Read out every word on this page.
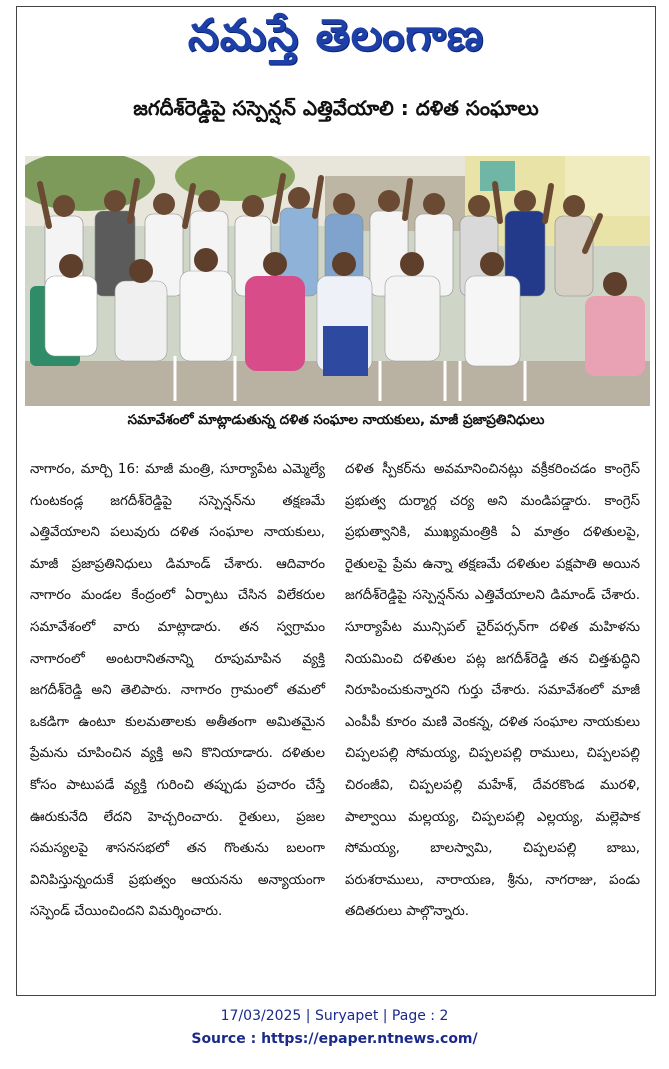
నమస్తే తెలంగాణ
జగదీశ్‌రెడ్డిపై సస్పెన్షన్ ఎత్తివేయాలి : దళిత సంఘాలు
సమావేశంలో మాట్లాడుతున్న దళిత సంఘాల నాయకులు, మాజీ ప్రజాప్రతినిధులు

నాగారం, మార్చి 16: మాజీ మంత్రి, సూర్యాపేట ఎమ్మెల్యే గుంటకండ్ల జగదీశ్‌రెడ్డిపై సస్పెన్షన్‌ను తక్షణమే ఎత్తివేయాలని పలువురు దళిత సంఘాల నాయకులు, మాజీ ప్రజాప్రతినిధులు డిమాండ్ చేశారు. ఆదివారం నాగారం మండల కేంద్రంలో ఏర్పాటు చేసిన విలేకరుల సమావేశంలో వారు మాట్లాడారు. తన స్వగ్రామం నాగారంలో అంటరానితనాన్ని రూపుమాపిన వ్యక్తి జగదీశ్‌రెడ్డి అని తెలిపారు. నాగారం గ్రామంలో తమలో ఒకడిగా ఉంటూ కులమతాలకు అతీతంగా అమితమైన ప్రేమను చూపించిన వ్యక్తి అని కొనియాడారు. దళితుల కోసం పాటుపడే వ్యక్తి గురించి తప్పుడు ప్రచారం చేస్తే ఊరుకునేది లేదని హెచ్చరించారు. రైతులు, ప్రజల సమస్యలపై శాసనసభలో తన గొంతును బలంగా వినిపిస్తున్నందుకే ప్రభుత్వం ఆయనను అన్యాయంగా సస్పెండ్ చేయించిందని విమర్శించారు.

దళిత స్పీకర్‌ను అవమానించినట్లు వక్రీకరించడం కాంగ్రెస్ ప్రభుత్వ దుర్మార్గ చర్య అని మండిపడ్డారు. కాంగ్రెస్ ప్రభుత్వానికి, ముఖ్యమంత్రికి ఏ మాత్రం దళితులపై, రైతులపై ప్రేమ ఉన్నా తక్షణమే దళితుల పక్షపాతి అయిన జగదీశ్‌రెడ్డిపై సస్పెన్షన్‌ను ఎత్తివేయాలని డిమాండ్ చేశారు. సూర్యాపేట మున్సిపల్ చైర్‌పర్సన్‌గా దళిత మహిళను నియమించి దళితుల పట్ల జగదీశ్‌రెడ్డి తన చిత్తశుద్ధిని నిరూపించుకున్నారని గుర్తు చేశారు. సమావేశంలో మాజీ ఎంపీపీ కూరం మణి వెంకన్న, దళిత సంఘాల నాయకులు చిప్పలపల్లి సోమయ్య, చిప్పలపల్లి రాములు, చిప్పలపల్లి చిరంజీవి, చిప్పలపల్లి మహేశ్, దేవరకొండ మురళి, పాల్వాయి మల్లయ్య, చిప్పలపల్లి ఎల్లయ్య, మల్లెపాక సోమయ్య, బాలస్వామి, చిప్పలపల్లి బాబు, పరుశరాములు, నారాయణ, శ్రీను, నాగరాజు, పండు తదితరులు పాల్గొన్నారు.

17/03/2025 | Suryapet | Page : 2
Source : https://epaper.ntnews.com/
